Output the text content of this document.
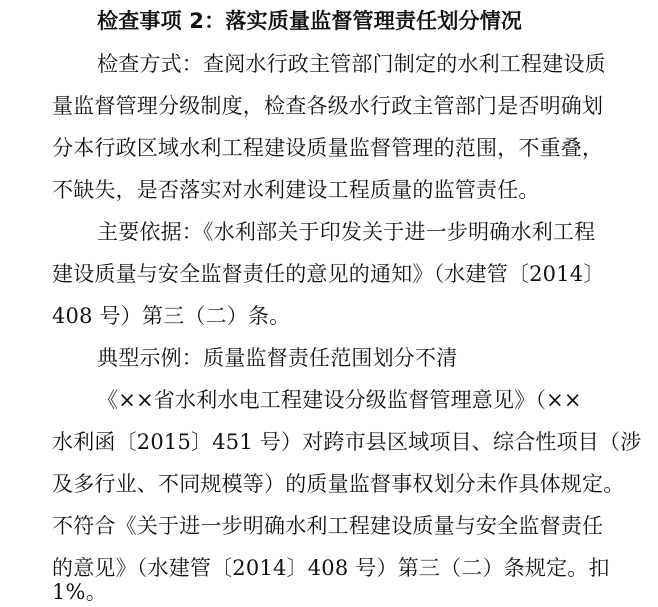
检查事项 2：落实质量监督管理责任划分情况
检查方式：查阅水行政主管部门制定的水利工程建设质
量监督管理分级制度，检查各级水行政主管部门是否明确划
分本行政区域水利工程建设质量监督管理的范围，不重叠，
不缺失，是否落实对水利建设工程质量的监管责任。
主要依据：《水利部关于印发关于进一步明确水利工程
建设质量与安全监督责任的意见的通知》（水建管〔2014〕
408 号）第三（二）条。
典型示例：质量监督责任范围划分不清
《××省水利水电工程建设分级监督管理意见》（××
水利函〔2015〕451 号）对跨市县区域项目、综合性项目（涉
及多行业、不同规模等）的质量监督事权划分未作具体规定。
不符合《关于进一步明确水利工程建设质量与安全监督责任
的意见》（水建管〔2014〕408 号）第三（二）条规定。扣
1%。
